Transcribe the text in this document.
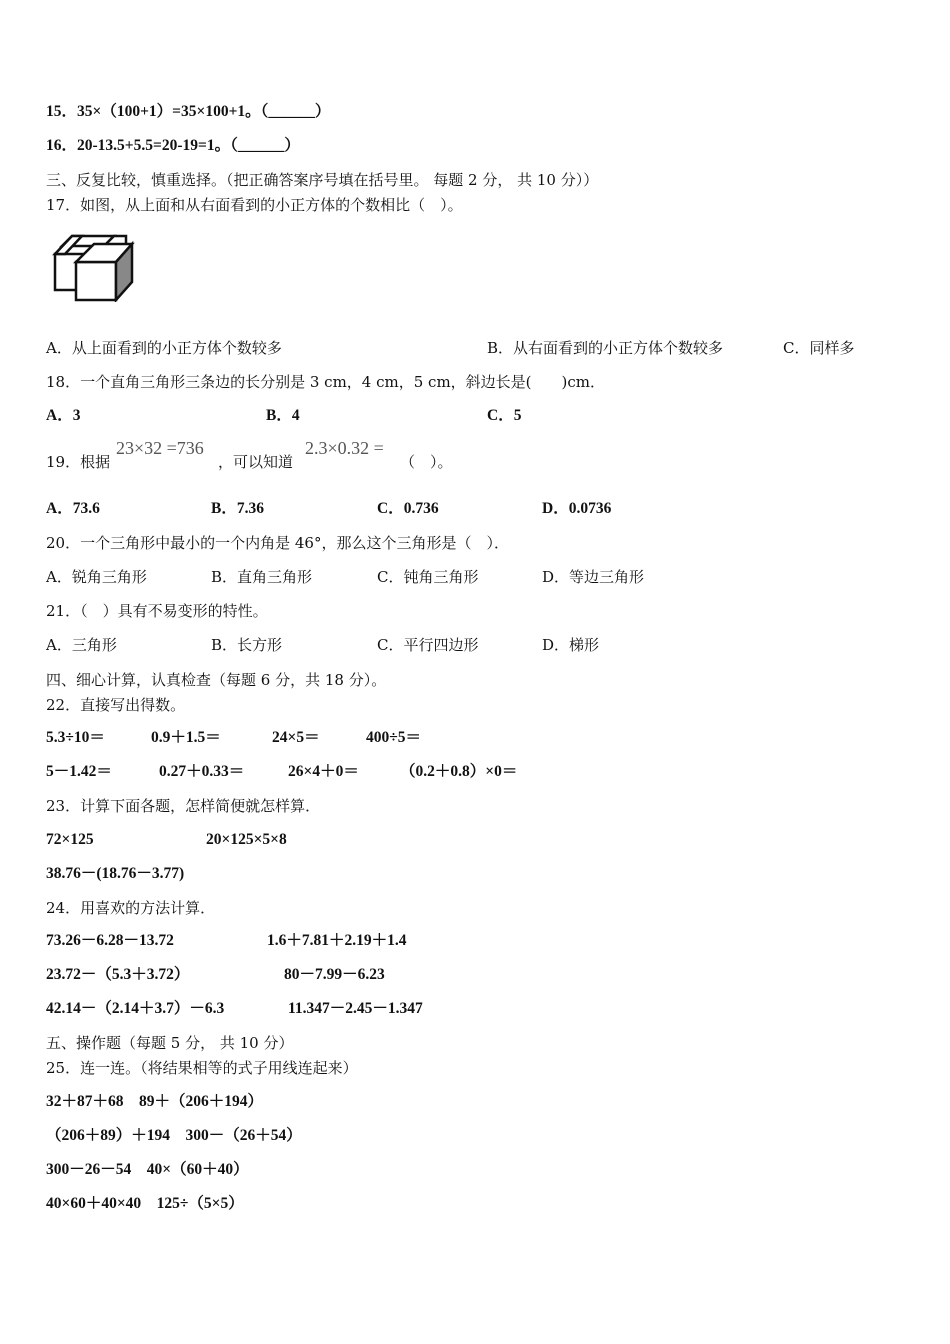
15．35×（100+1）=35×100+1。（______）
16．20-13.5+5.5=20-19=1。（______）
三、反复比较，慎重选择。（把正确答案序号填在括号里。 每题 2 分， 共 10 分））
17．如图，从上面和从右面看到的小正方体的个数相比（　）。
A．从上面看到的小正方体个数较多	B．从右面看到的小正方体个数较多	C．同样多
18．一个直角三角形三条边的长分别是 3 cm，4 cm，5 cm，斜边长是(　　)cm．
A．3	B．4	C．5
19．根据
23×32 =736
，可以知道
2.3×0.32 =
（　）。
A．73.6	B．7.36	C．0.736	D．0.0736
20．一个三角形中最小的一个内角是 46°，那么这个三角形是（　）．
A．锐角三角形	B．直角三角形	C．钝角三角形	D．等边三角形
21．（　）具有不易变形的特性。
A．三角形	B．长方形	C．平行四边形	D．梯形
四、细心计算，认真检查（每题 6 分，共 18 分）。
22．直接写出得数。
5.3÷10＝	0.9＋1.5＝	24×5＝	400÷5＝
5－1.42＝	0.27＋0.33＝	26×4＋0＝	（0.2＋0.8）×0＝
23．计算下面各题，怎样简便就怎样算．
72×125	20×125×5×8
38.76－(18.76－3.77)
24．用喜欢的方法计算．
73.26－6.28－13.72	1.6＋7.81＋2.19＋1.4
23.72－（5.3＋3.72）	80－7.99－6.23
42.14－（2.14＋3.7）－6.3	11.347－2.45－1.347
五、操作题（每题 5 分， 共 10 分）
25．连一连。（将结果相等的式子用线连起来）
32＋87＋68　89＋（206＋194）
（206＋89）＋194　300－（26＋54）
300－26－54　40×（60＋40）
40×60＋40×40　125÷（5×5）
